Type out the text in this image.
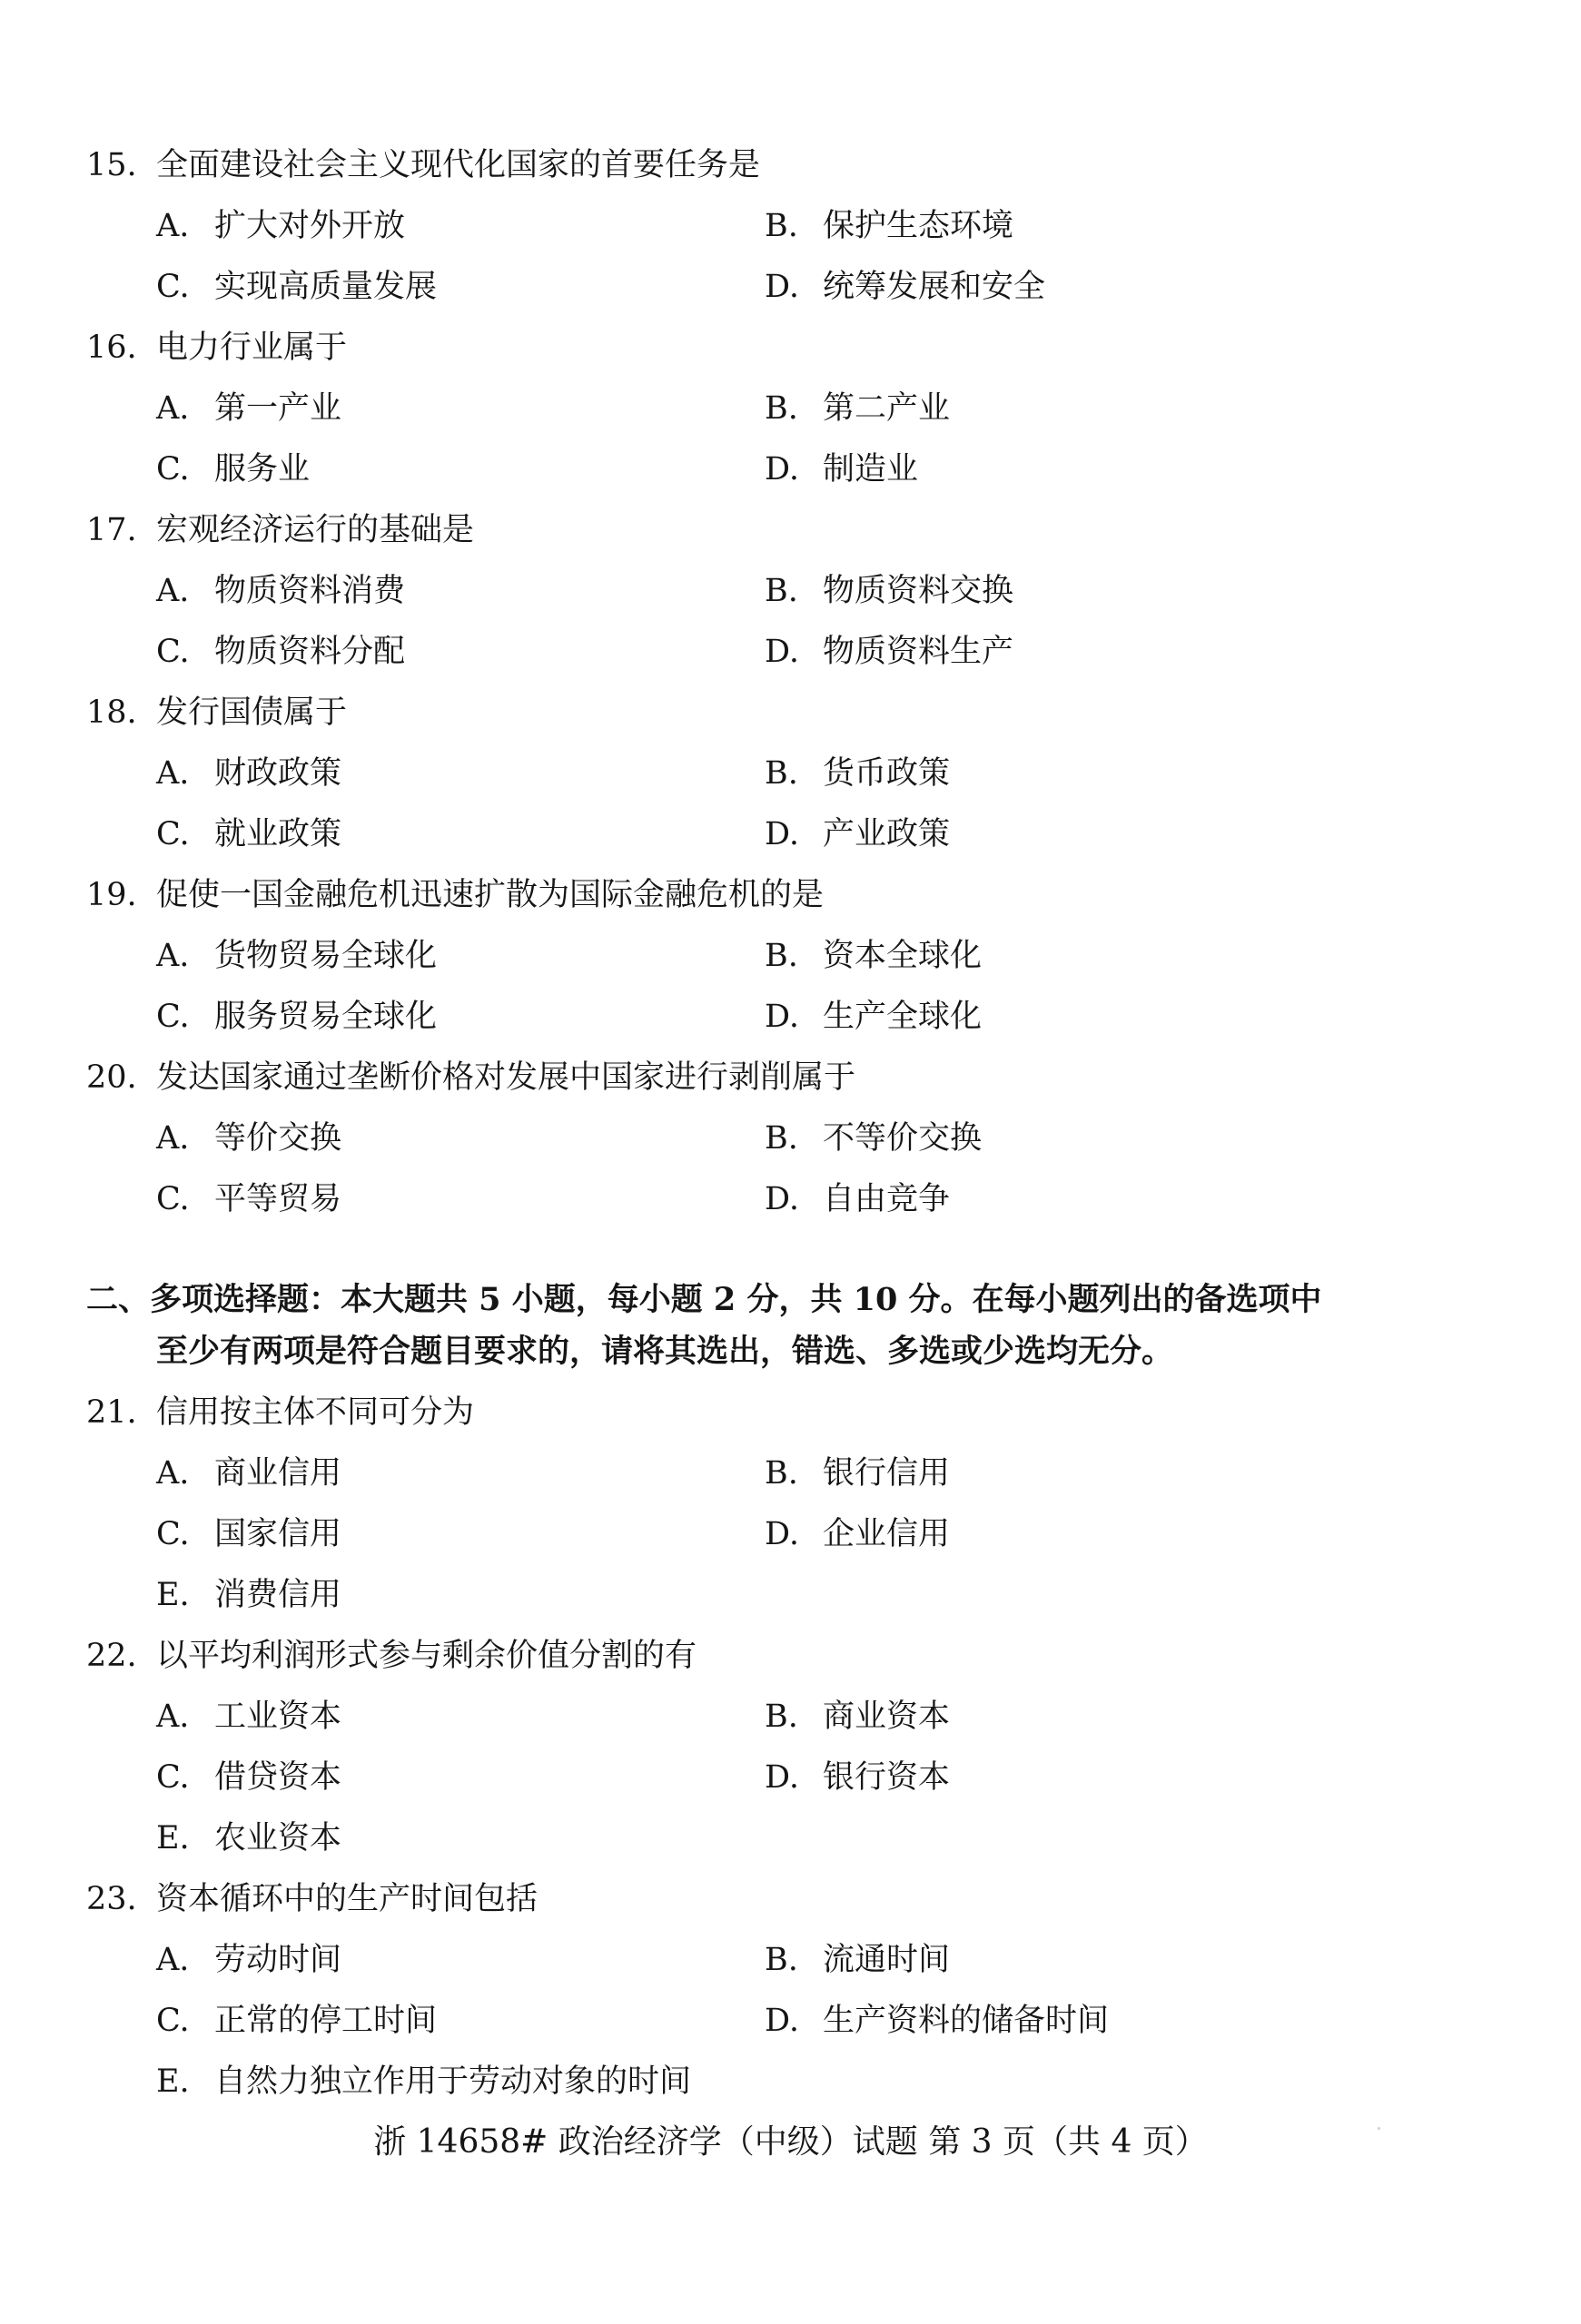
15. 全面建设社会主义现代化国家的首要任务是
A. 扩大对外开放	B. 保护生态环境
C. 实现高质量发展	D. 统筹发展和安全
16. 电力行业属于
A. 第一产业	B. 第二产业
C. 服务业	D. 制造业
17. 宏观经济运行的基础是
A. 物质资料消费	B. 物质资料交换
C. 物质资料分配	D. 物质资料生产
18. 发行国债属于
A. 财政政策	B. 货币政策
C. 就业政策	D. 产业政策
19. 促使一国金融危机迅速扩散为国际金融危机的是
A. 货物贸易全球化	B. 资本全球化
C. 服务贸易全球化	D. 生产全球化
20. 发达国家通过垄断价格对发展中国家进行剥削属于
A. 等价交换	B. 不等价交换
C. 平等贸易	D. 自由竞争
二、多项选择题：本大题共 5 小题，每小题 2 分，共 10 分。在每小题列出的备选项中
至少有两项是符合题目要求的，请将其选出，错选、多选或少选均无分。
21. 信用按主体不同可分为
A. 商业信用	B. 银行信用
C. 国家信用	D. 企业信用
E. 消费信用
22. 以平均利润形式参与剩余价值分割的有
A. 工业资本	B. 商业资本
C. 借贷资本	D. 银行资本
E. 农业资本
23. 资本循环中的生产时间包括
A. 劳动时间	B. 流通时间
C. 正常的停工时间	D. 生产资料的储备时间
E. 自然力独立作用于劳动对象的时间
浙 14658# 政治经济学（中级）试题 第 3 页（共 4 页）
